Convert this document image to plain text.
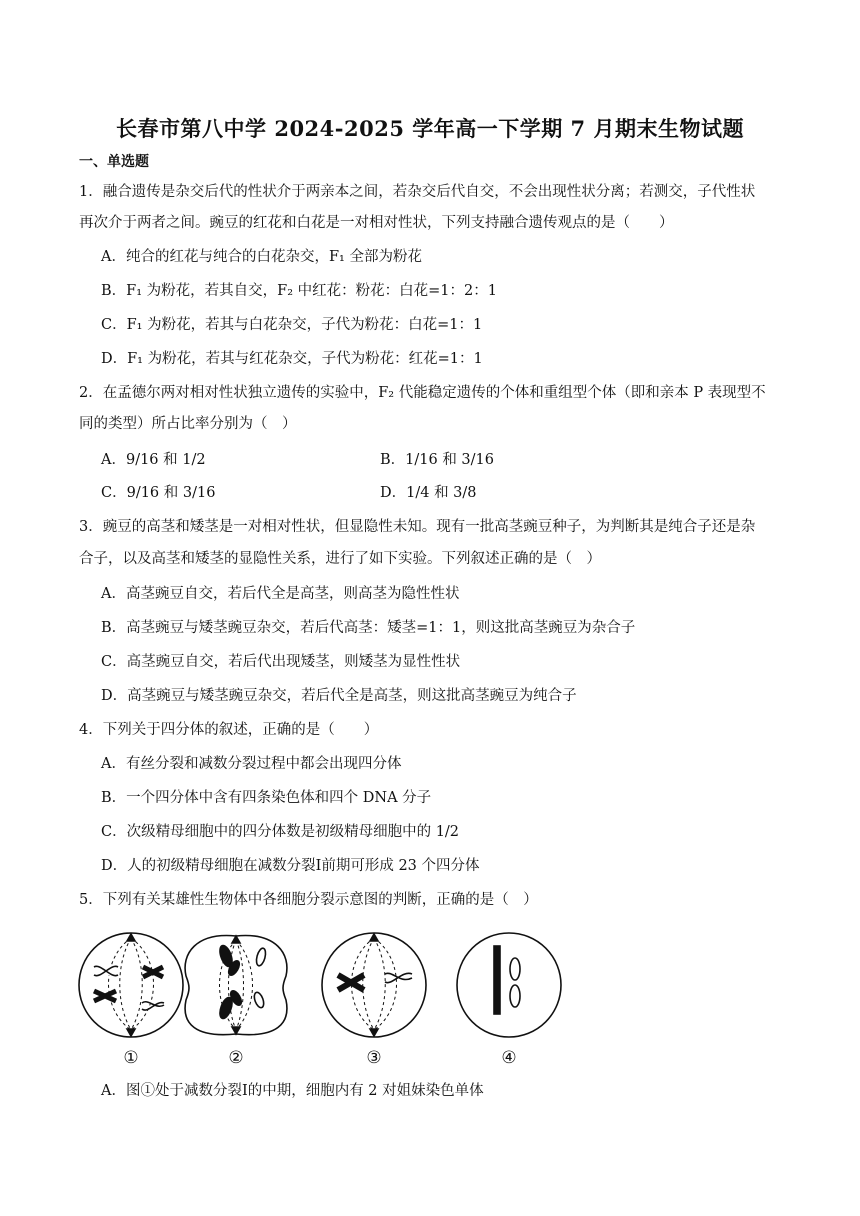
长春市第八中学 2024-2025 学年高一下学期 7 月期末生物试题
一、单选题
1．融合遗传是杂交后代的性状介于两亲本之间，若杂交后代自交，不会出现性状分离；若测交，子代性状
再次介于两者之间。豌豆的红花和白花是一对相对性状，下列支持融合遗传观点的是（　　）
A．纯合的红花与纯合的白花杂交，F₁ 全部为粉花
B．F₁ 为粉花，若其自交，F₂ 中红花：粉花：白花=1：2：1
C．F₁ 为粉花，若其与白花杂交，子代为粉花：白花=1：1
D．F₁ 为粉花，若其与红花杂交，子代为粉花：红花=1：1
2．在孟德尔两对相对性状独立遗传的实验中，F₂ 代能稳定遗传的个体和重组型个体（即和亲本 P 表现型不
同的类型）所占比率分别为（　）
A．9/16 和 1/2	B．1/16 和 3/16
C．9/16 和 3/16	D．1/4 和 3/8
3．豌豆的高茎和矮茎是一对相对性状，但显隐性未知。现有一批高茎豌豆种子，为判断其是纯合子还是杂
合子，以及高茎和矮茎的显隐性关系，进行了如下实验。下列叙述正确的是（　）
A．高茎豌豆自交，若后代全是高茎，则高茎为隐性性状
B．高茎豌豆与矮茎豌豆杂交，若后代高茎：矮茎=1：1，则这批高茎豌豆为杂合子
C．高茎豌豆自交，若后代出现矮茎，则矮茎为显性性状
D．高茎豌豆与矮茎豌豆杂交，若后代全是高茎，则这批高茎豌豆为纯合子
4．下列关于四分体的叙述，正确的是（　　）
A．有丝分裂和减数分裂过程中都会出现四分体
B．一个四分体中含有四条染色体和四个 DNA 分子
C．次级精母细胞中的四分体数是初级精母细胞中的 1/2
D．人的初级精母细胞在减数分裂Ⅰ前期可形成 23 个四分体
5．下列有关某雄性生物体中各细胞分裂示意图的判断，正确的是（　）
①	②	③	④
A．图①处于减数分裂Ⅰ的中期，细胞内有 2 对姐妹染色单体
